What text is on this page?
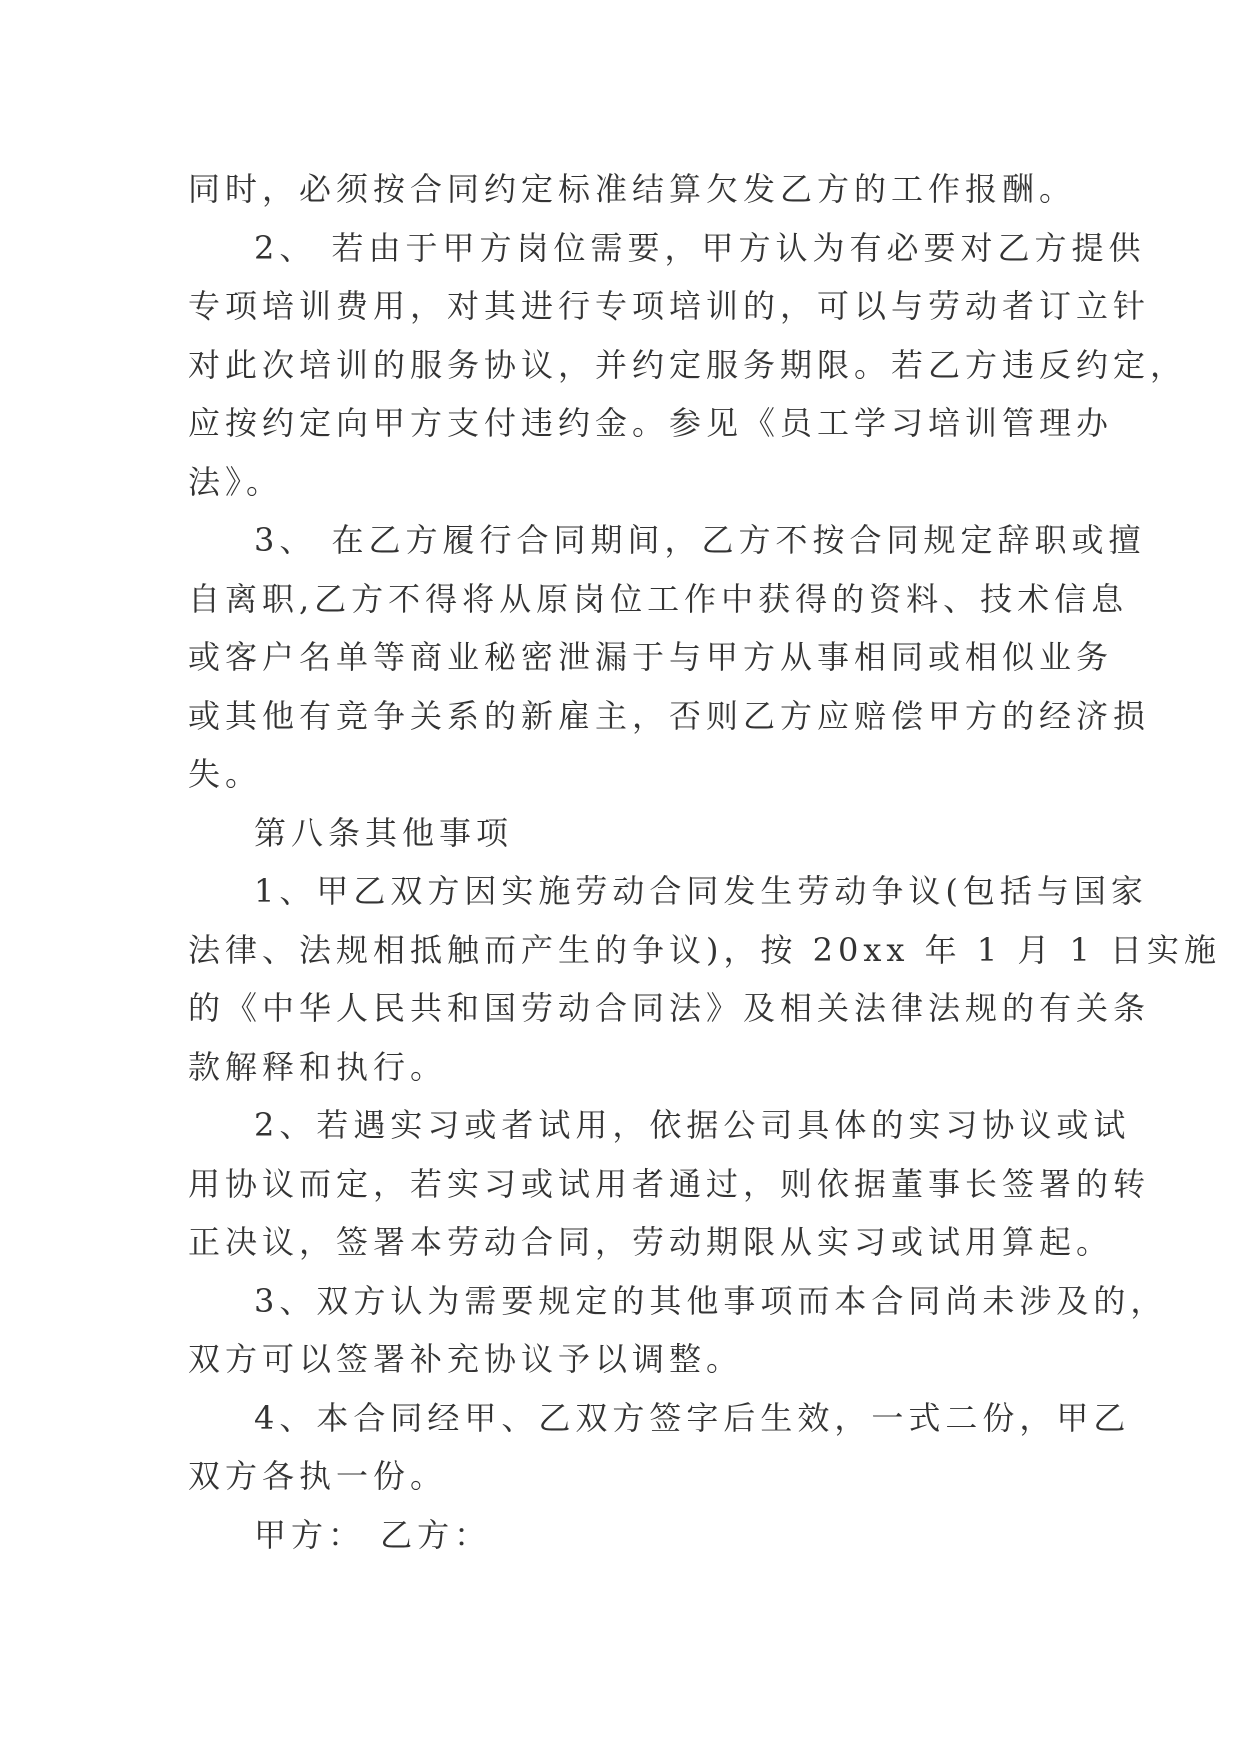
同时，必须按合同约定标准结算欠发乙方的工作报酬。
2、 若由于甲方岗位需要，甲方认为有必要对乙方提供
专项培训费用，对其进行专项培训的，可以与劳动者订立针
对此次培训的服务协议，并约定服务期限。若乙方违反约定，
应按约定向甲方支付违约金。参见《员工学习培训管理办
法》。
3、 在乙方履行合同期间，乙方不按合同规定辞职或擅
自离职,乙方不得将从原岗位工作中获得的资料、技术信息
或客户名单等商业秘密泄漏于与甲方从事相同或相似业务
或其他有竞争关系的新雇主，否则乙方应赔偿甲方的经济损
失。
第八条其他事项
1、甲乙双方因实施劳动合同发生劳动争议(包括与国家
法律、法规相抵触而产生的争议)，按 20xx 年 1 月 1 日实施
的《中华人民共和国劳动合同法》及相关法律法规的有关条
款解释和执行。
2、若遇实习或者试用，依据公司具体的实习协议或试
用协议而定，若实习或试用者通过，则依据董事长签署的转
正决议，签署本劳动合同，劳动期限从实习或试用算起。
3、双方认为需要规定的其他事项而本合同尚未涉及的，
双方可以签署补充协议予以调整。
4、本合同经甲、乙双方签字后生效，一式二份，甲乙
双方各执一份。
甲方： 乙方：
